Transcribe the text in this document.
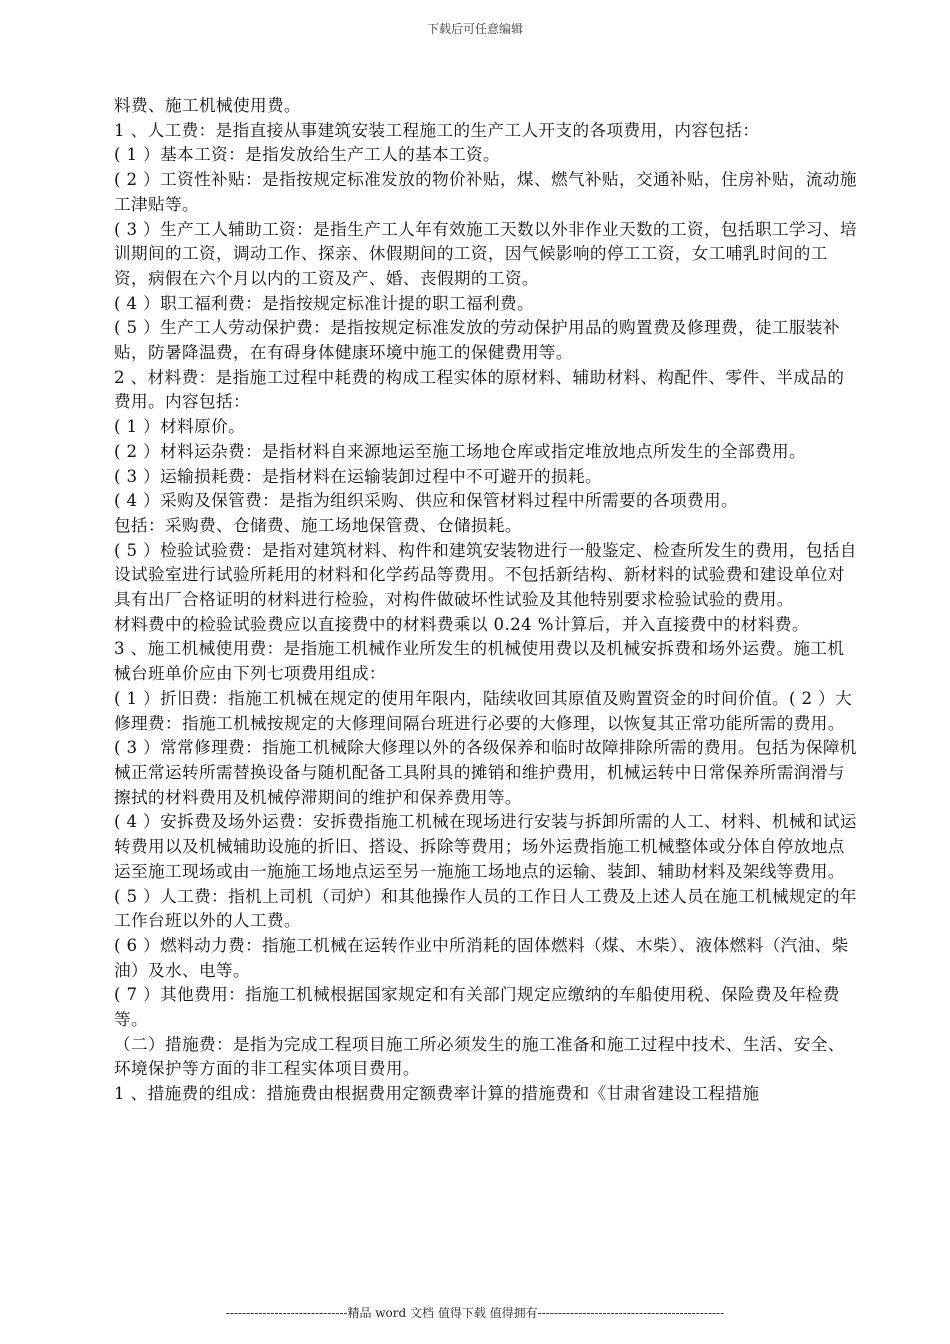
下载后可任意编辑

料费、施工机械使用费。

1 、人工费：是指直接从事建筑安装工程施工的生产工人开支的各项费用，内容包括：

( 1 ）基本工资：是指发放给生产工人的基本工资。

( 2 ）工资性补贴：是指按规定标准发放的物价补贴，煤、燃气补贴，交通补贴，住房补贴，流动施工津贴等。

( 3 ）生产工人辅助工资：是指生产工人年有效施工天数以外非作业天数的工资，包括职工学习、培训期间的工资，调动工作、探亲、休假期间的工资，因气候影响的停工工资，女工哺乳时间的工资，病假在六个月以内的工资及产、婚、丧假期的工资。

( 4 ）职工福利费：是指按规定标准计提的职工福利费。

( 5 ）生产工人劳动保护费：是指按规定标准发放的劳动保护用品的购置费及修理费，徒工服装补贴，防暑降温费，在有碍身体健康环境中施工的保健费用等。

2 、材料费：是指施工过程中耗费的构成工程实体的原材料、辅助材料、构配件、零件、半成品的费用。内容包括：

( 1 ）材料原价。

( 2 ）材料运杂费：是指材料自来源地运至施工场地仓库或指定堆放地点所发生的全部费用。

( 3 ）运输损耗费：是指材料在运输装卸过程中不可避开的损耗。

( 4 ）采购及保管费：是指为组织采购、供应和保管材料过程中所需要的各项费用。

包括：采购费、仓储费、施工场地保管费、仓储损耗。

( 5 ）检验试验费：是指对建筑材料、构件和建筑安装物进行一般鉴定、检查所发生的费用，包括自设试验室进行试验所耗用的材料和化学药品等费用。不包括新结构、新材料的试验费和建设单位对具有出厂合格证明的材料进行检验，对构件做破坏性试验及其他特别要求检验试验的费用。

材料费中的检验试验费应以直接费中的材料费乘以 0.24 %计算后，并入直接费中的材料费。

3 、施工机械使用费：是指施工机械作业所发生的机械使用费以及机械安拆费和场外运费。施工机械台班单价应由下列七项费用组成：

( 1 ）折旧费：指施工机械在规定的使用年限内，陆续收回其原值及购置资金的时间价值。( 2 ）大修理费：指施工机械按规定的大修理间隔台班进行必要的大修理，以恢复其正常功能所需的费用。

( 3 ）常常修理费：指施工机械除大修理以外的各级保养和临时故障排除所需的费用。包括为保障机械正常运转所需替换设备与随机配备工具附具的摊销和维护费用，机械运转中日常保养所需润滑与擦拭的材料费用及机械停滞期间的维护和保养费用等。

( 4 ）安拆费及场外运费：安拆费指施工机械在现场进行安装与拆卸所需的人工、材料、机械和试运转费用以及机械辅助设施的折旧、搭设、拆除等费用；场外运费指施工机械整体或分体自停放地点运至施工现场或由一施施工场地点运至另一施施工场地点的运输、装卸、辅助材料及架线等费用。

( 5 ）人工费：指机上司机（司炉）和其他操作人员的工作日人工费及上述人员在施工机械规定的年工作台班以外的人工费。

( 6 ）燃料动力费：指施工机械在运转作业中所消耗的固体燃料（煤、木柴）、液体燃料（汽油、柴油）及水、电等。

( 7 ）其他费用：指施工机械根据国家规定和有关部门规定应缴纳的车船使用税、保险费及年检费等。

（二）措施费：是指为完成工程项目施工所必须发生的施工准备和施工过程中技术、生活、安全、环境保护等方面的非工程实体项目费用。

1 、措施费的组成：措施费由根据费用定额费率计算的措施费和《甘肃省建设工程措施

------------------------------精品 word 文档 值得下载 值得拥有----------------------------------------------
